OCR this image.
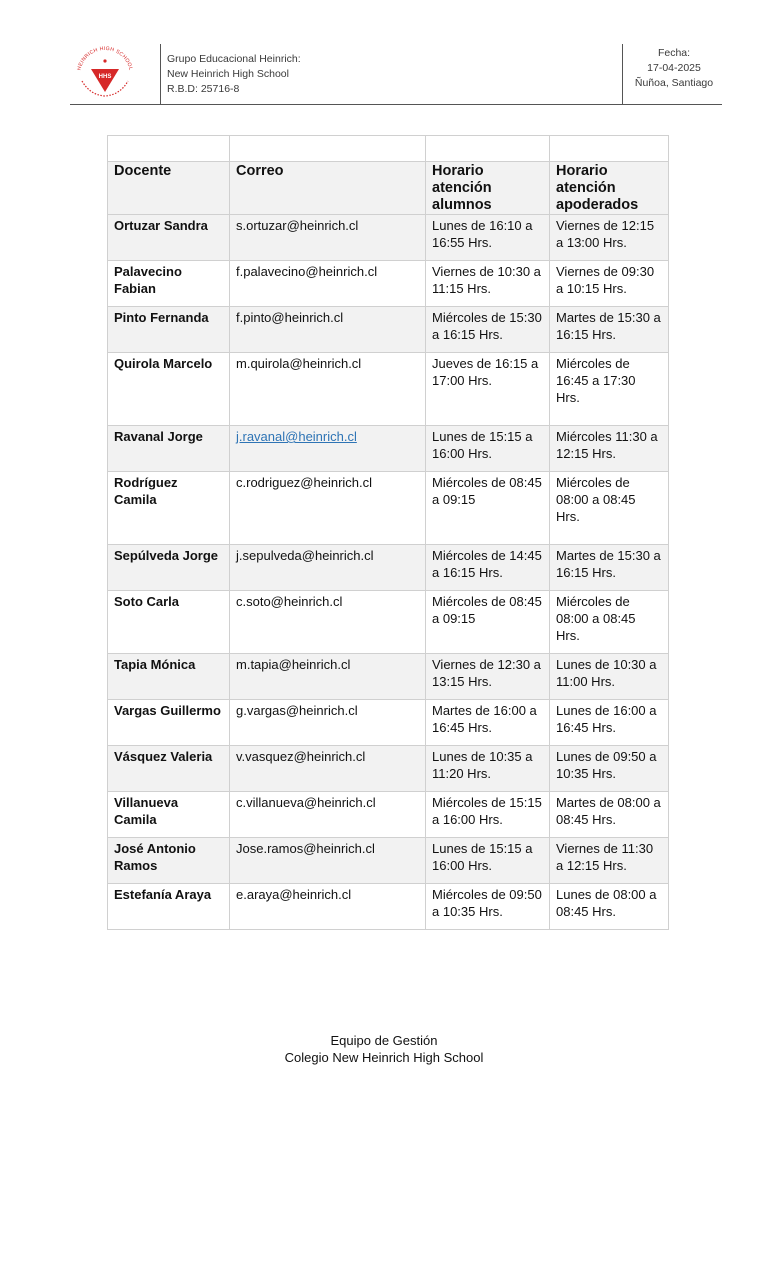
HEINRICH HIGH SCHOOL
HHS
Grupo Educacional Heinrich:
New Heinrich High School
R.B.D: 25716-8
Fecha:
17-04-2025
Ñuñoa, Santiago

Docente	Correo	Horario atención alumnos	Horario atención apoderados
Ortuzar Sandra	s.ortuzar@heinrich.cl	Lunes de 16:10 a 16:55 Hrs.	Viernes de 12:15 a 13:00 Hrs.
Palavecino Fabian	f.palavecino@heinrich.cl	Viernes de 10:30 a 11:15 Hrs.	Viernes de 09:30 a 10:15 Hrs.
Pinto Fernanda	f.pinto@heinrich.cl	Miércoles de 15:30 a 16:15 Hrs.	Martes de 15:30 a 16:15 Hrs.
Quirola Marcelo	m.quirola@heinrich.cl	Jueves de 16:15 a 17:00 Hrs.	Miércoles de 16:45 a 17:30 Hrs.
Ravanal Jorge	j.ravanal@heinrich.cl	Lunes de 15:15 a 16:00 Hrs.	Miércoles 11:30 a 12:15 Hrs.
Rodríguez Camila	c.rodriguez@heinrich.cl	Miércoles de 08:45 a 09:15	Miércoles de 08:00 a 08:45 Hrs.
Sepúlveda Jorge	j.sepulveda@heinrich.cl	Miércoles de 14:45 a 16:15 Hrs.	Martes de 15:30 a 16:15 Hrs.
Soto Carla	c.soto@heinrich.cl	Miércoles de 08:45 a 09:15	Miércoles de 08:00 a 08:45 Hrs.
Tapia Mónica	m.tapia@heinrich.cl	Viernes de 12:30 a 13:15 Hrs.	Lunes de 10:30 a 11:00 Hrs.
Vargas Guillermo	g.vargas@heinrich.cl	Martes de 16:00 a 16:45 Hrs.	Lunes de 16:00 a 16:45 Hrs.
Vásquez Valeria	v.vasquez@heinrich.cl	Lunes de 10:35 a 11:20 Hrs.	Lunes de 09:50 a 10:35 Hrs.
Villanueva Camila	c.villanueva@heinrich.cl	Miércoles de 15:15 a 16:00 Hrs.	Martes de 08:00 a 08:45 Hrs.
José Antonio Ramos	Jose.ramos@heinrich.cl	Lunes de 15:15 a 16:00 Hrs.	Viernes de 11:30 a 12:15 Hrs.
Estefanía Araya	e.araya@heinrich.cl	Miércoles de 09:50 a 10:35 Hrs.	Lunes de 08:00 a 08:45 Hrs.
Equipo de Gestión
Colegio New Heinrich High School
